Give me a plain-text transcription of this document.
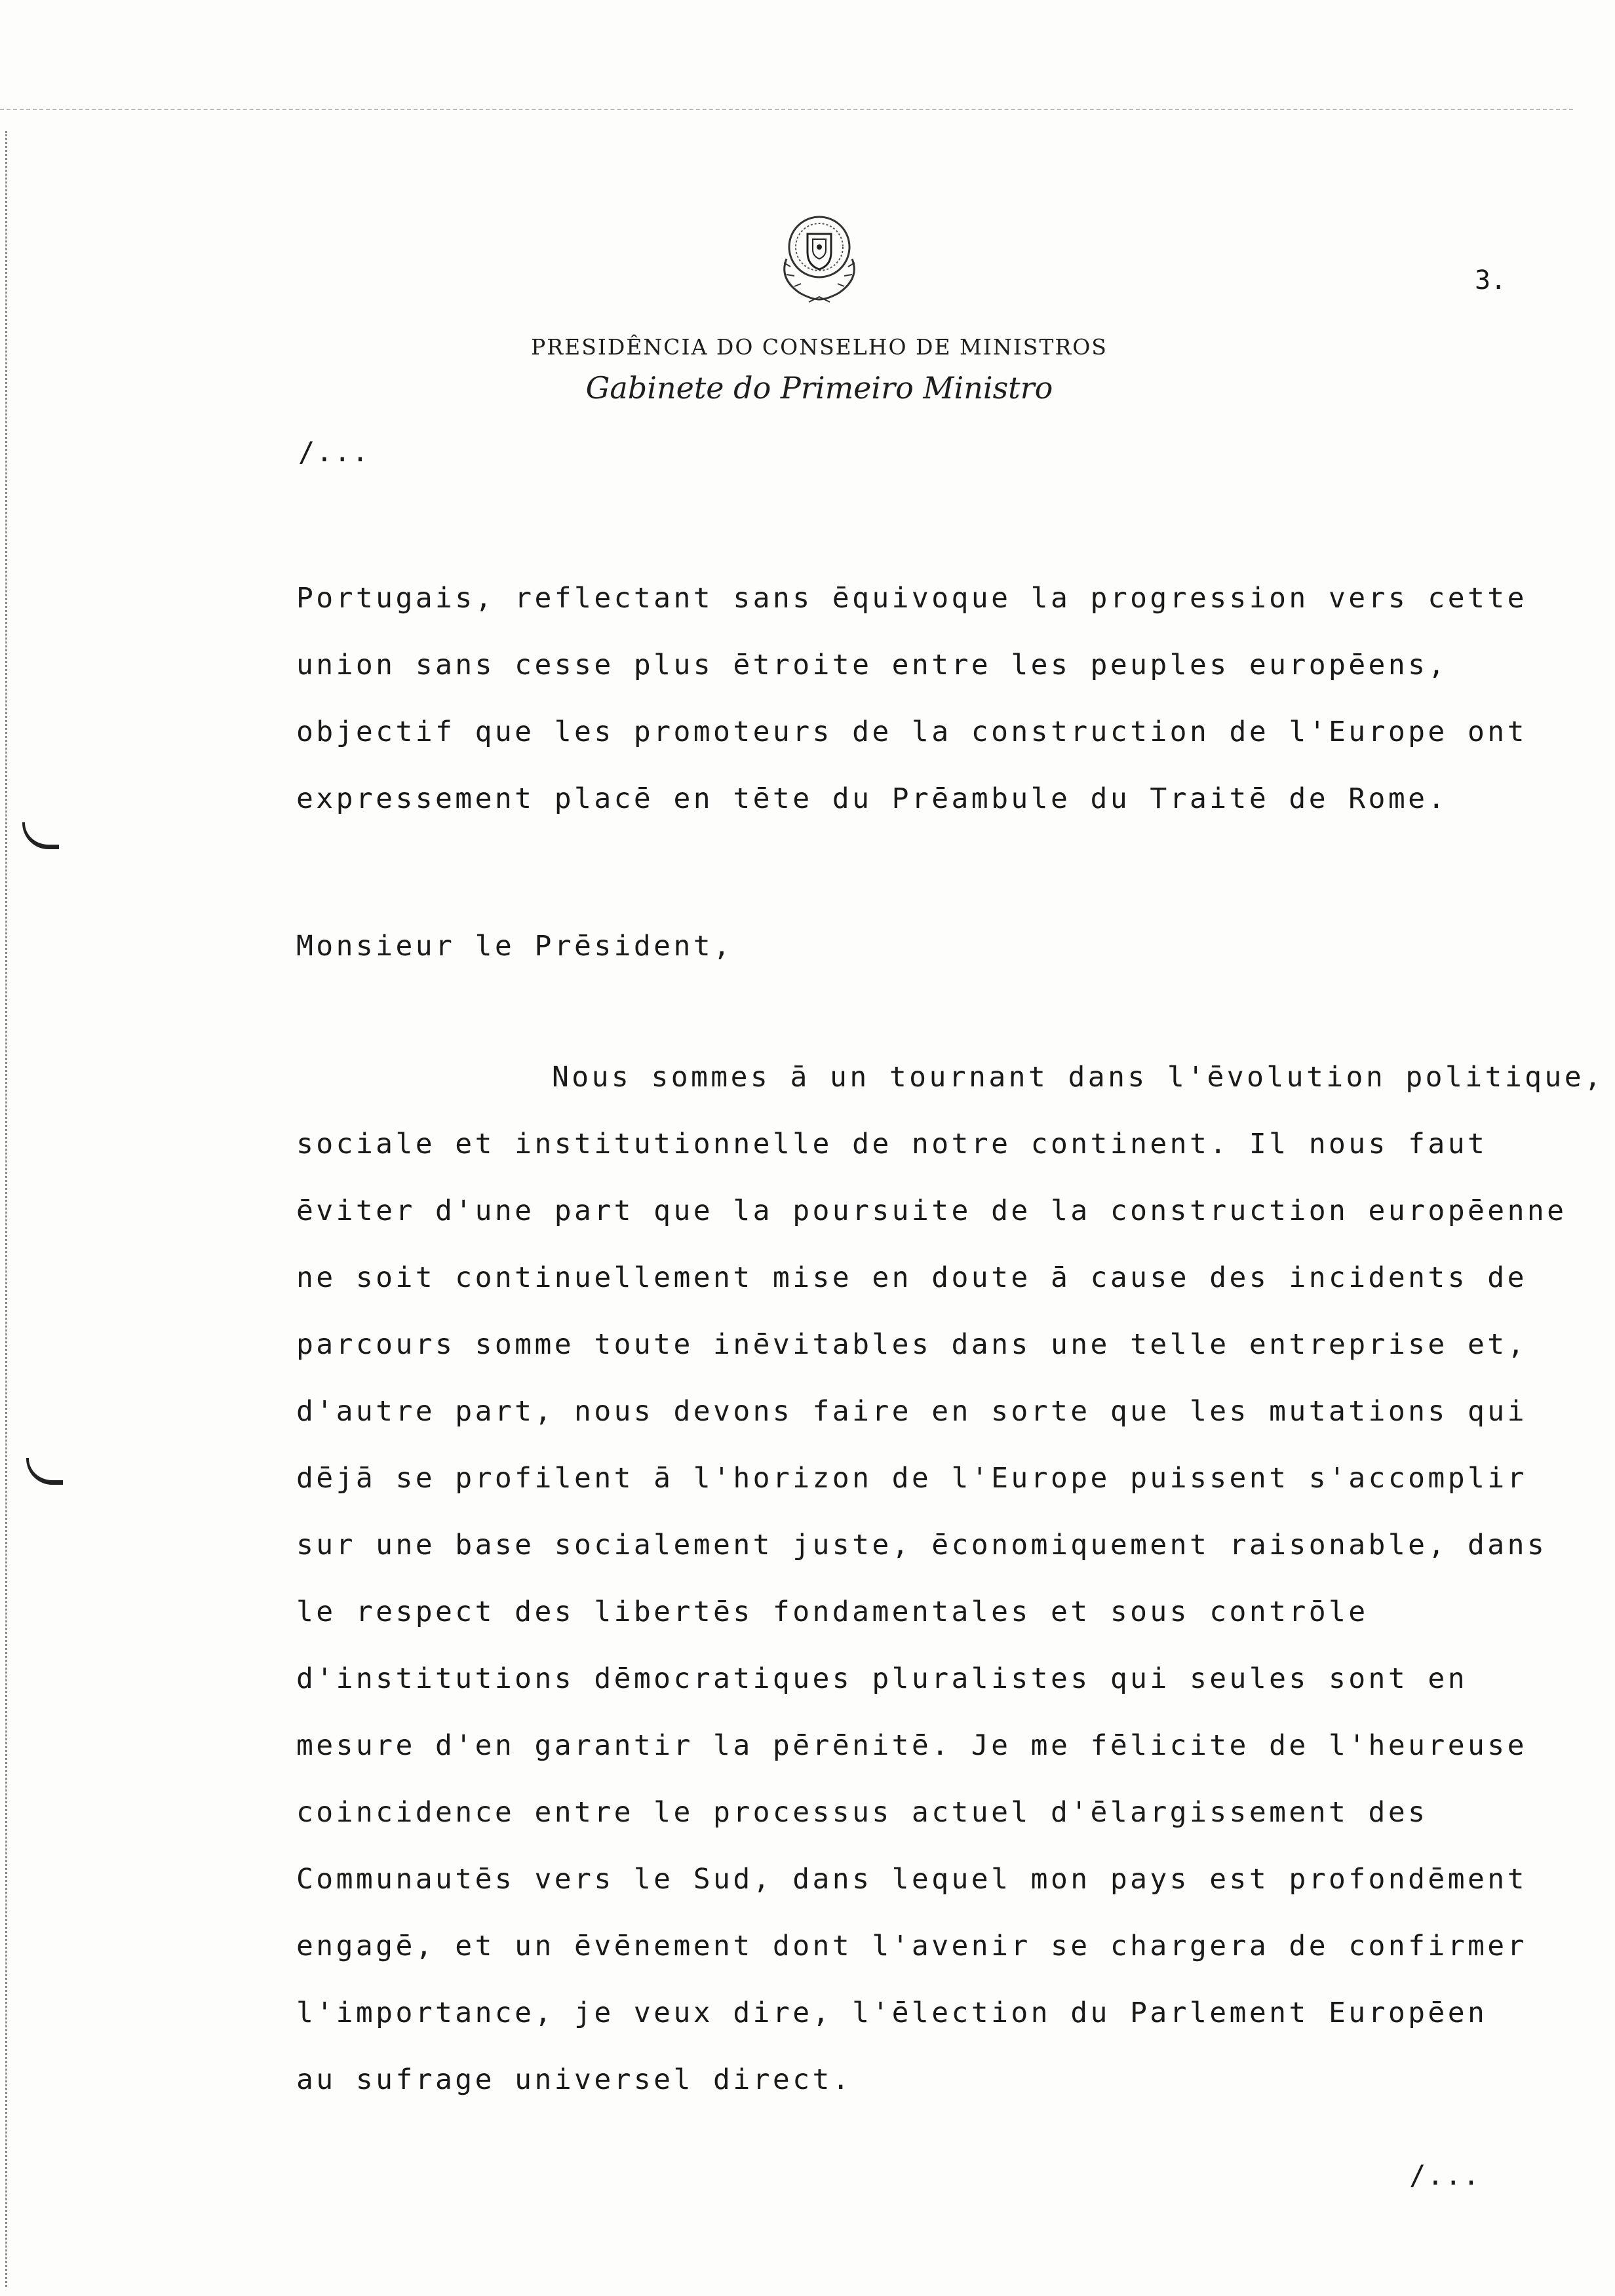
PRESIDÊNCIA DO CONSELHO DE MINISTROS
Gabinete do Primeiro Ministro
3.
/...
Portugais, reflectant sans ēquivoque la progression vers cette
union sans cesse plus ētroite entre les peuples europēens,
objectif que les promoteurs de la construction de l'Europe ont
expressement placē en tēte du Prēambule du Traitē de Rome.
Monsieur le Prēsident,
Nous sommes ā un tournant dans l'ēvolution politique,
sociale et institutionnelle de notre continent. Il nous faut
ēviter d'une part que la poursuite de la construction europēenne
ne soit continuellement mise en doute ā cause des incidents de
parcours somme toute inēvitables dans une telle entreprise et,
d'autre part, nous devons faire en sorte que les mutations qui
dējā se profilent ā l'horizon de l'Europe puissent s'accomplir
sur une base socialement juste, ēconomiquement raisonable, dans
le respect des libertēs fondamentales et sous contrōle
d'institutions dēmocratiques pluralistes qui seules sont en
mesure d'en garantir la pērēnitē. Je me fēlicite de l'heureuse
coincidence entre le processus actuel d'ēlargissement des
Communautēs vers le Sud, dans lequel mon pays est profondēment
engagē, et un ēvēnement dont l'avenir se chargera de confirmer
l'importance, je veux dire, l'ēlection du Parlement Europēen
au sufrage universel direct.
/...
